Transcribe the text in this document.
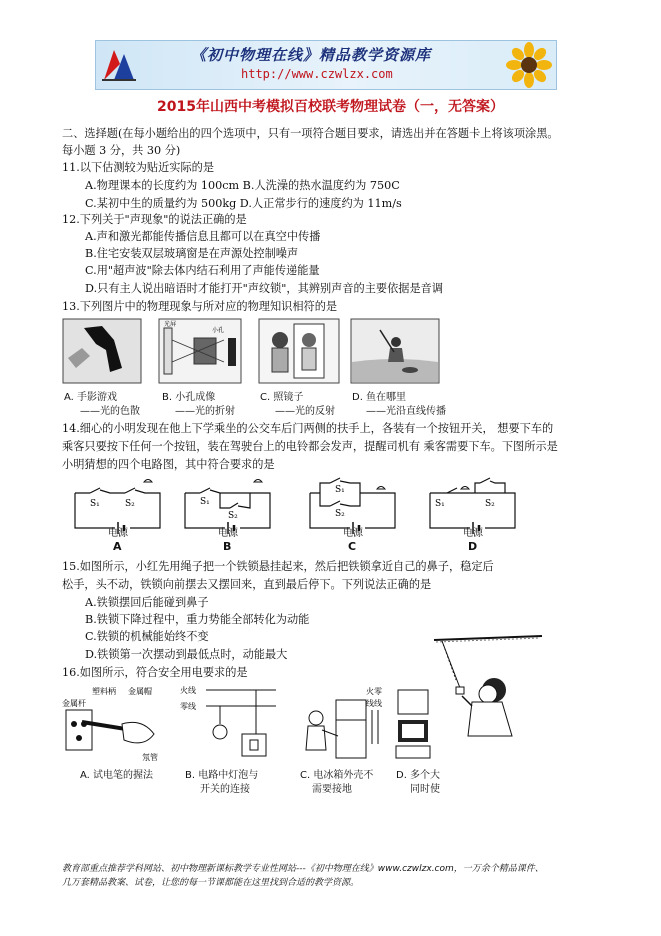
《初中物理在线》精品教学资源库
http://www.czwlzx.com
2015年山西中考模拟百校联考物理试卷（一，无答案）
二、选择题(在每小题给出的四个选项中，只有一项符合题目要求，请选出并在答题卡上将该项涂黑。
每小题 3 分，共 30 分)
11.以下估测较为贴近实际的是
A.物理课本的长度约为 100cm B.人洗澡的热水温度约为 750C
C.某初中生的质量约为 500kg D.人正常步行的速度约为 11m/s
12.下列关于"声现象"的说法正确的是
A.声和激光都能传播信息且都可以在真空中传播
B.住宅安装双层玻璃窗是在声源处控制噪声
C.用"超声波"除去体内结石利用了声能传递能量
D.只有主人说出暗语时才能打开"声纹锁"，其辨别声音的主要依据是音调
13.下列图片中的物理现象与所对应的物理知识相符的是
光屏
小孔
A. 手影游戏	B. 小孔成像	C. 照镜子	D. 鱼在哪里
——光的色散	——光的折射	——光的反射	——光沿直线传播
14.细心的小明发现在他上下学乘坐的公交车后门两侧的扶手上，各装有一个按钮开关， 想要下车的
乘客只要按下任何一个按钮，装在驾驶台上的电铃都会发声，提醒司机有 乘客需要下车。下图所示是
小明猜想的四个电路图，其中符合要求的是
S₁	S₂	S₁
S₂
S₁
S₂
S₁	S₂
电源	电源	电源	电源
A	B	C	D
15.如图所示，小红先用绳子把一个铁锁悬挂起来，然后把铁锁拿近自己的鼻子，稳定后
松手，头不动，铁锁向前摆去又摆回来，直到最后停下。下列说法正确的是
A.铁锁摆回后能碰到鼻子
B.铁锁下降过程中，重力势能全部转化为动能
C.铁锁的机械能始终不变
D.铁锁第一次摆动到最低点时，动能最大
16.如图所示，符合安全用电要求的是
塑料柄 金属帽
金属杆
氖管
火线
零线
火零
线线
A. 试电笔的握法	B. 电路中灯泡与
开关的连接
C. 电冰箱外壳不
需要接地
D. 多个大
同时使
教育部重点推荐学科网站、初中物理新课标教学专业性网站---《初中物理在线》www.czwlzx.com，一万余个精品课件、
几万套精品教案、试卷，让您的每一节课都能在这里找到合适的教学资源。
